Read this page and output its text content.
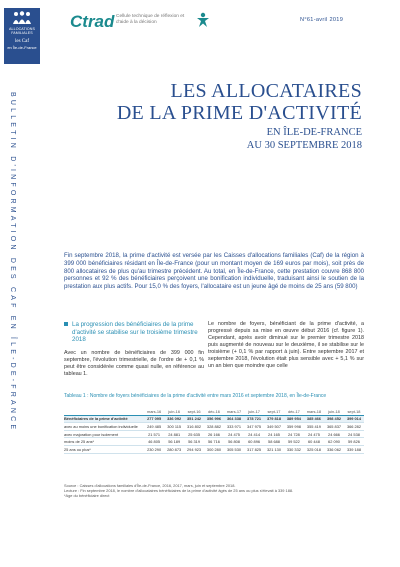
ALLOCATIONS
FAMILIALES
les Caf
en Île-de-France
BULLETIN D'INFORMATION DES CAF EN ÎLE-DE-FRANCE
Ctrad Cellule technique de réflexion et d'aide à la décision	N°61-avril 2019
LES ALLOCATAIRES
DE LA PRIME D'ACTIVITÉ
EN ÎLE-DE-FRANCE
AU 30 SEPTEMBRE 2018

Fin septembre 2018, la prime d'activité est versée par les Caisses d'allocations familiales (Caf) de la région à 399 000 bénéficiaires résidant en Île-de-France (pour un montant moyen de 169 euros par mois), soit près de 800 allocataires de plus qu'au trimestre précédent. Au total, en Île-de-France, cette prestation couvre 868 800 personnes et 92 % des bénéficiaires perçoivent une bonification individuelle, traduisant ainsi le soutien de la prestation aux plus actifs. Pour 15,0 % des foyers, l'allocataire est un jeune âgé de moins de 25 ans (59 800)

La progression des bénéficiaires de la prime d'activité se stabilise sur le troisième trimestre 2018

Avec un nombre de bénéficiaires de 399 000 fin septembre, l'évolution trimestrielle, de l'ordre de + 0,1 % peut être considérée comme quasi nulle, en référence au tableau 1.

Le nombre de foyers, bénéficiant de la prime d'activité, a progressé depuis sa mise en œuvre début 2016 (cf. figure 1). Cependant, après avoir diminué sur le premier trimestre 2018 puis augmenté de nouveau sur le deuxième, il se stabilise sur le troisième (+ 0,1 % par rapport à juin). Entre septembre 2017 et septembre 2018, l'évolution était plus sensible avec + 5,1 % sur un an bien que moindre que celle

Tableau 1 : Nombre de foyers bénéficiaires de la prime d'activité entre mars 2016 et septembre 2018, en Île-de-France
	mars-16	juin-16	sept-16	déc-16	mars-17	juin-17	sept-17	déc-17	mars-18	juin-18	sept-18
Bénéficiaires de la prime d'activité	277 095	336 092	351 242	356 996	364 338	378 721	379 818	389 954	385 466	398 452	399 014
avec au moins une bonification individuelle	249 485	300 115	316 802	328 882	333 971	347 975	349 507	359 998	355 419	365 837	366 282
avec majoration pour isolement	21 571	24 881	25 635	26 166	24 475	24 414	24 165	24 728	24 475	24 666	24 538
moins de 25 ans*	46 805	56 189	56 319	56 716	56 808	60 896	58 688	59 522	60 448	62 090	59 826
25 ans ou plus*	230 290	280 873	294 923	300 280	305 530	317 825	321 130	330 332	325 018	336 062	339 188
Source : Caisses d'allocations familiales d'Île-de-France, 2016, 2017, mars, juin et septembre 2018.
Lecture : Fin septembre 2018, le nombre d'allocataires bénéficiaires de la prime d'activité âgés de 25 ans ou plus s'élevait à 339 188.
*Age du bénéficiaire direct
